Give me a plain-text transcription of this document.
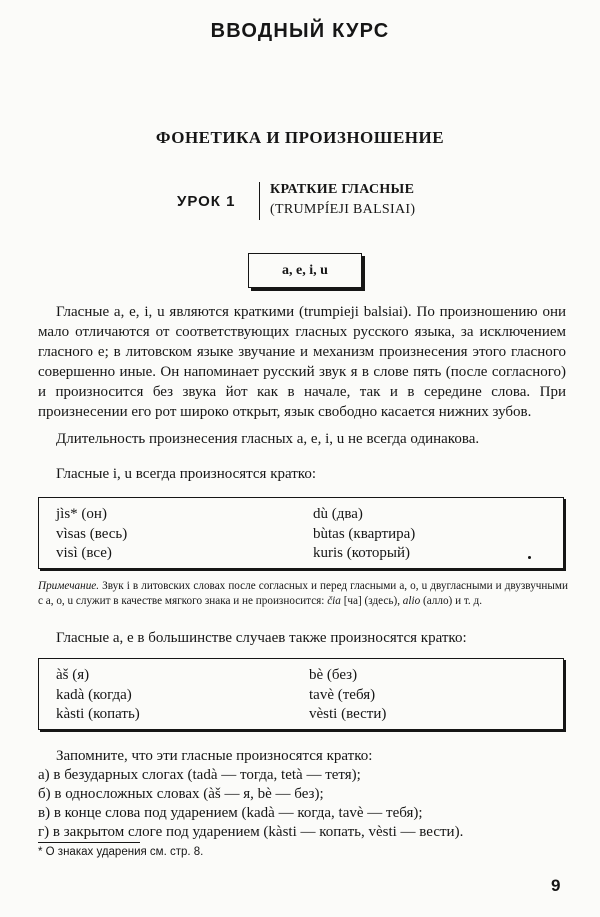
ВВОДНЫЙ КУРС
ФОНЕТИКА И ПРОИЗНОШЕНИЕ
УРОК 1
КРАТКИЕ ГЛАСНЫЕ
(TRUMPÍEJI BALSIAI)
a, e, i, u

Гласные a, e, i, u являются краткими (trumpieji balsiai). По произношению они мало отличаются от соответствующих гласных русского языка, за исключением гласного e; в литовском языке звучание и механизм произнесения этого гласного совершенно иные. Он напоминает русский звук я в слове пять (после согласного) и произносится без звука йот как в начале, так и в середине слова. При произнесении его рот широко открыт, язык свободно касается нижних зубов.

Длительность произнесения гласных a, e, i, u не всегда одинакова.

Гласные i, u всегда произносятся кратко:
jìs* (он)
vìsas (весь)
visì (все)
dù (два)
bùtas (квартира)
kuris (который)
Примечание. Звук i в литовских словах после согласных и перед гласными a, o, u двугласными и двузвучными с a, o, u служит в качестве мягкого знака и не произносится: čia [ча] (здесь), alio (алло) и т. д.
Гласные a, e в большинстве случаев также произносятся кратко:
àš (я)
kadà (когда)
kàsti (копать)
bè (без)
tavè (тебя)
vèsti (вести)
Запомните, что эти гласные произносятся кратко:
а) в безударных слогах (tadà — тогда, tetà — тетя);
б) в односложных словах (àš — я, bè — без);
в) в конце слова под ударением (kadà — когда, tavè — тебя);
г) в закрытом слоге под ударением (kàsti — копать, vèsti — вести).
* О знаках ударения см. стр. 8.
9
